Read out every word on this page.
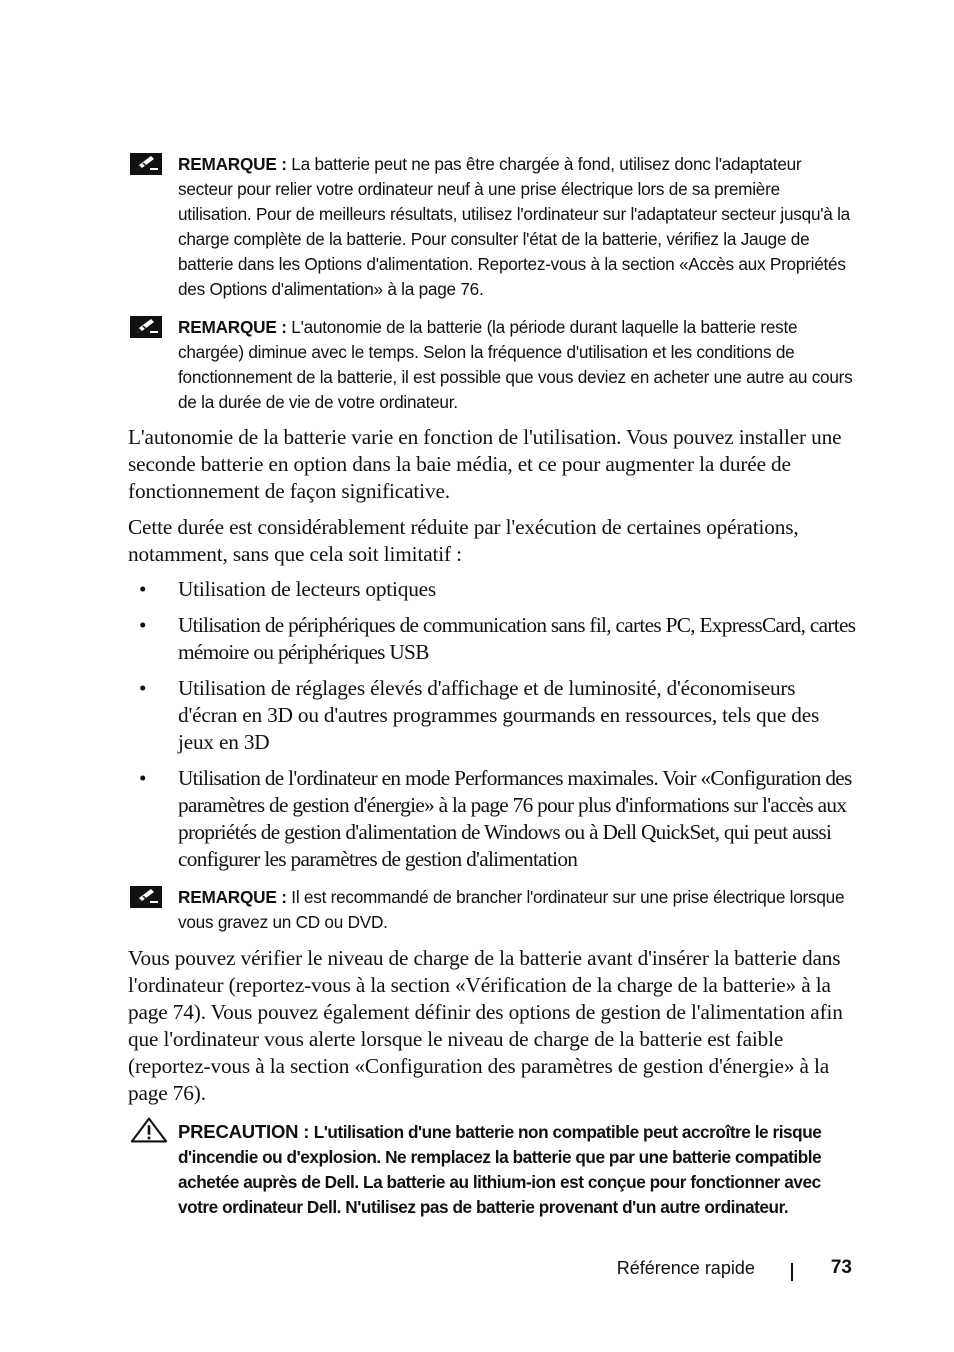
REMARQUE : La batterie peut ne pas être chargée à fond, utilisez donc l'adaptateur secteur pour relier votre ordinateur neuf à une prise électrique lors de sa première utilisation. Pour de meilleurs résultats, utilisez l'ordinateur sur l'adaptateur secteur jusqu'à la charge complète de la batterie. Pour consulter l'état de la batterie, vérifiez la Jauge de batterie dans les Options d'alimentation. Reportez-vous à la section «Accès aux Propriétés des Options d'alimentation» à la page 76.
REMARQUE : L'autonomie de la batterie (la période durant laquelle la batterie reste chargée) diminue avec le temps. Selon la fréquence d'utilisation et les conditions de fonctionnement de la batterie, il est possible que vous deviez en acheter une autre au cours de la durée de vie de votre ordinateur.

L'autonomie de la batterie varie en fonction de l'utilisation. Vous pouvez installer une seconde batterie en option dans la baie média, et ce pour augmenter la durée de fonctionnement de façon significative.

Cette durée est considérablement réduite par l'exécution de certaines opérations, notamment, sans que cela soit limitatif :

• Utilisation de lecteurs optiques
• Utilisation de périphériques de communication sans fil, cartes PC, ExpressCard, cartes mémoire ou périphériques USB
• Utilisation de réglages élevés d'affichage et de luminosité, d'économiseurs d'écran en 3D ou d'autres programmes gourmands en ressources, tels que des jeux en 3D
• Utilisation de l'ordinateur en mode Performances maximales. Voir «Configuration des paramètres de gestion d'énergie» à la page 76 pour plus d'informations sur l'accès aux propriétés de gestion d'alimentation de Windows ou à Dell QuickSet, qui peut aussi configurer les paramètres de gestion d'alimentation
REMARQUE : Il est recommandé de brancher l'ordinateur sur une prise électrique lorsque vous gravez un CD ou DVD.

Vous pouvez vérifier le niveau de charge de la batterie avant d'insérer la batterie dans l'ordinateur (reportez-vous à la section «Vérification de la charge de la batterie» à la page 74). Vous pouvez également définir des options de gestion de l'alimentation afin que l'ordinateur vous alerte lorsque le niveau de charge de la batterie est faible (reportez-vous à la section «Configuration des paramètres de gestion d'énergie» à la page 76).

PRECAUTION : L'utilisation d'une batterie non compatible peut accroître le risque d'incendie ou d'explosion. Ne remplacez la batterie que par une batterie compatible achetée auprès de Dell. La batterie au lithium-ion est conçue pour fonctionner avec votre ordinateur Dell. N'utilisez pas de batterie provenant d'un autre ordinateur.
Référence rapide	73
